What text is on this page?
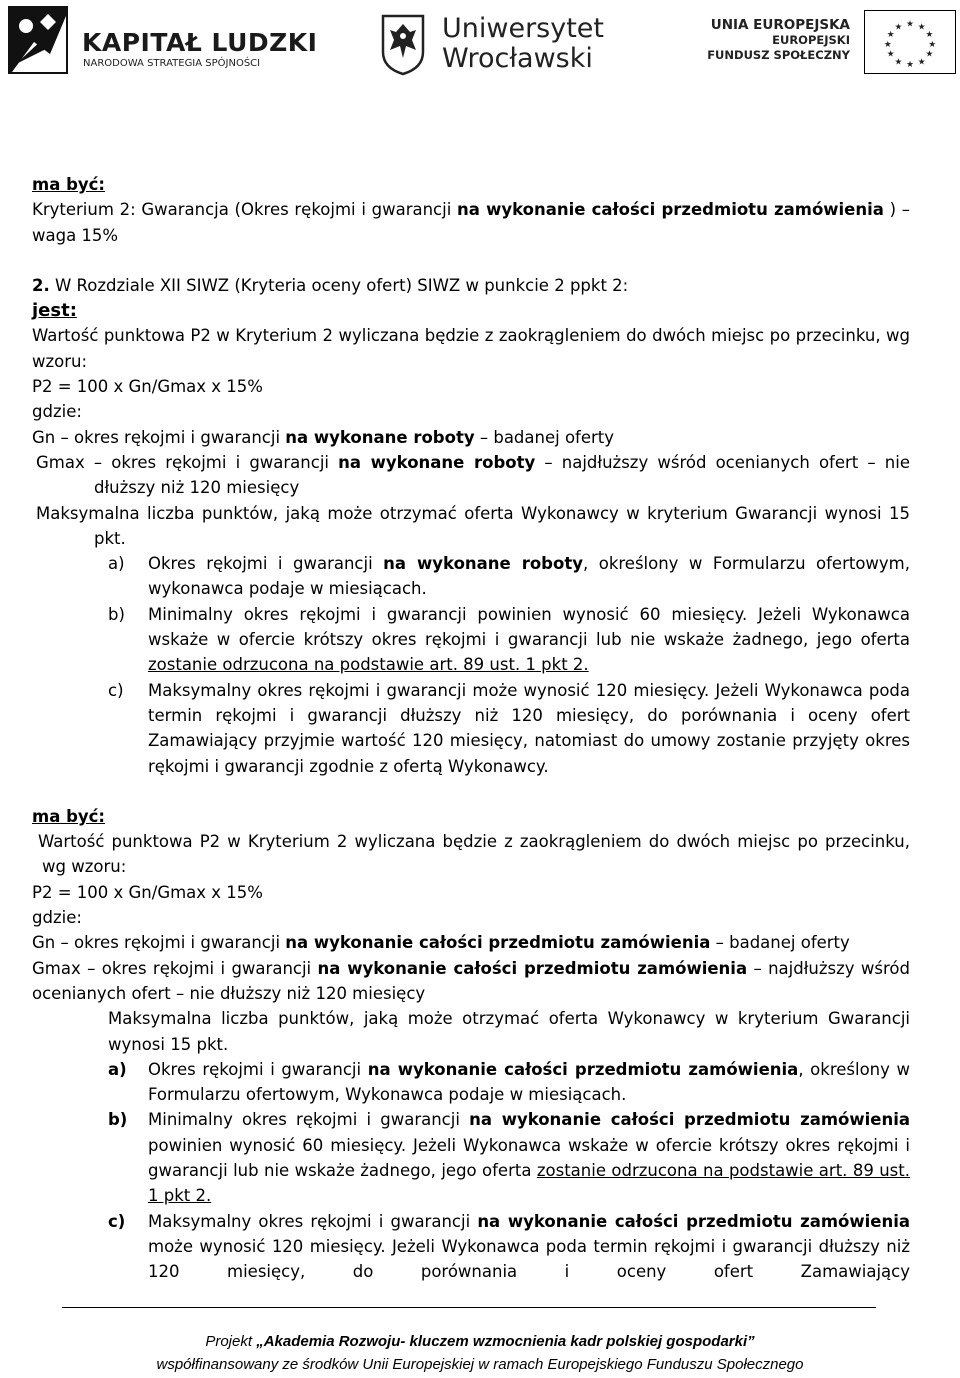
KAPITAŁ LUDZKI
NARODOWA STRATEGIA SPÓJNOŚCI
Uniwersytet
Wrocławski
UNIA EUROPEJSKA
EUROPEJSKI
FUNDUSZ SPOŁECZNY
★ ★
★
★
★
★
★
★
★
★
★
★

ma być:

Kryterium 2: Gwarancja (Okres rękojmi i gwarancji na wykonanie całości przedmiotu zamówienia ) – waga 15%

2. W Rozdziale XII SIWZ (Kryteria oceny ofert) SIWZ w punkcie 2 ppkt 2:

jest:

Wartość punktowa P2 w Kryterium 2 wyliczana będzie z zaokrągleniem do dwóch miejsc po przecinku, wg wzoru:

P2 = 100 x Gn/Gmax x 15%

gdzie:

Gn – okres rękojmi i gwarancji na wykonane roboty – badanej oferty

Gmax – okres rękojmi i gwarancji na wykonane roboty – najdłuższy wśród ocenianych ofert – nie dłuższy niż 120 miesięcy

Maksymalna liczba punktów, jaką może otrzymać oferta Wykonawcy w kryterium Gwarancji wynosi 15 pkt.

a)	Okres rękojmi i gwarancji na wykonane roboty, określony w Formularzu ofertowym, wykonawca podaje w miesiącach.
b)	Minimalny okres rękojmi i gwarancji powinien wynosić 60 miesięcy. Jeżeli Wykonawca wskaże w ofercie krótszy okres rękojmi i gwarancji lub nie wskaże żadnego, jego oferta zostanie odrzucona na podstawie art. 89 ust. 1 pkt 2.
c)	Maksymalny okres rękojmi i gwarancji może wynosić 120 miesięcy. Jeżeli Wykonawca poda termin rękojmi i gwarancji dłuższy niż 120 miesięcy, do porównania i oceny ofert Zamawiający przyjmie wartość 120 miesięcy, natomiast do umowy zostanie przyjęty okres rękojmi i gwarancji zgodnie z ofertą Wykonawcy.

ma być:

Wartość punktowa P2 w Kryterium 2 wyliczana będzie z zaokrągleniem do dwóch miejsc po przecinku, wg wzoru:

P2 = 100 x Gn/Gmax x 15%

gdzie:

Gn – okres rękojmi i gwarancji na wykonanie całości przedmiotu zamówienia – badanej oferty

Gmax – okres rękojmi i gwarancji na wykonanie całości przedmiotu zamówienia – najdłuższy wśród ocenianych ofert – nie dłuższy niż 120 miesięcy

Maksymalna liczba punktów, jaką może otrzymać oferta Wykonawcy w kryterium Gwarancji wynosi 15 pkt.

a)	Okres rękojmi i gwarancji na wykonanie całości przedmiotu zamówienia, określony w Formularzu ofertowym, Wykonawca podaje w miesiącach.
b)	Minimalny okres rękojmi i gwarancji na wykonanie całości przedmiotu zamówienia powinien wynosić 60 miesięcy. Jeżeli Wykonawca wskaże w ofercie krótszy okres rękojmi i gwarancji lub nie wskaże żadnego, jego oferta zostanie odrzucona na podstawie art. 89 ust. 1 pkt 2.
c)	Maksymalny okres rękojmi i gwarancji na wykonanie całości przedmiotu zamówienia może wynosić 120 miesięcy. Jeżeli Wykonawca poda termin rękojmi i gwarancji dłuższy niż 120 miesięcy, do porównania i oceny ofert Zamawiający
Projekt „Akademia Rozwoju- kluczem wzmocnienia kadr polskiej gospodarki”
współfinansowany ze środków Unii Europejskiej w ramach Europejskiego Funduszu Społecznego
